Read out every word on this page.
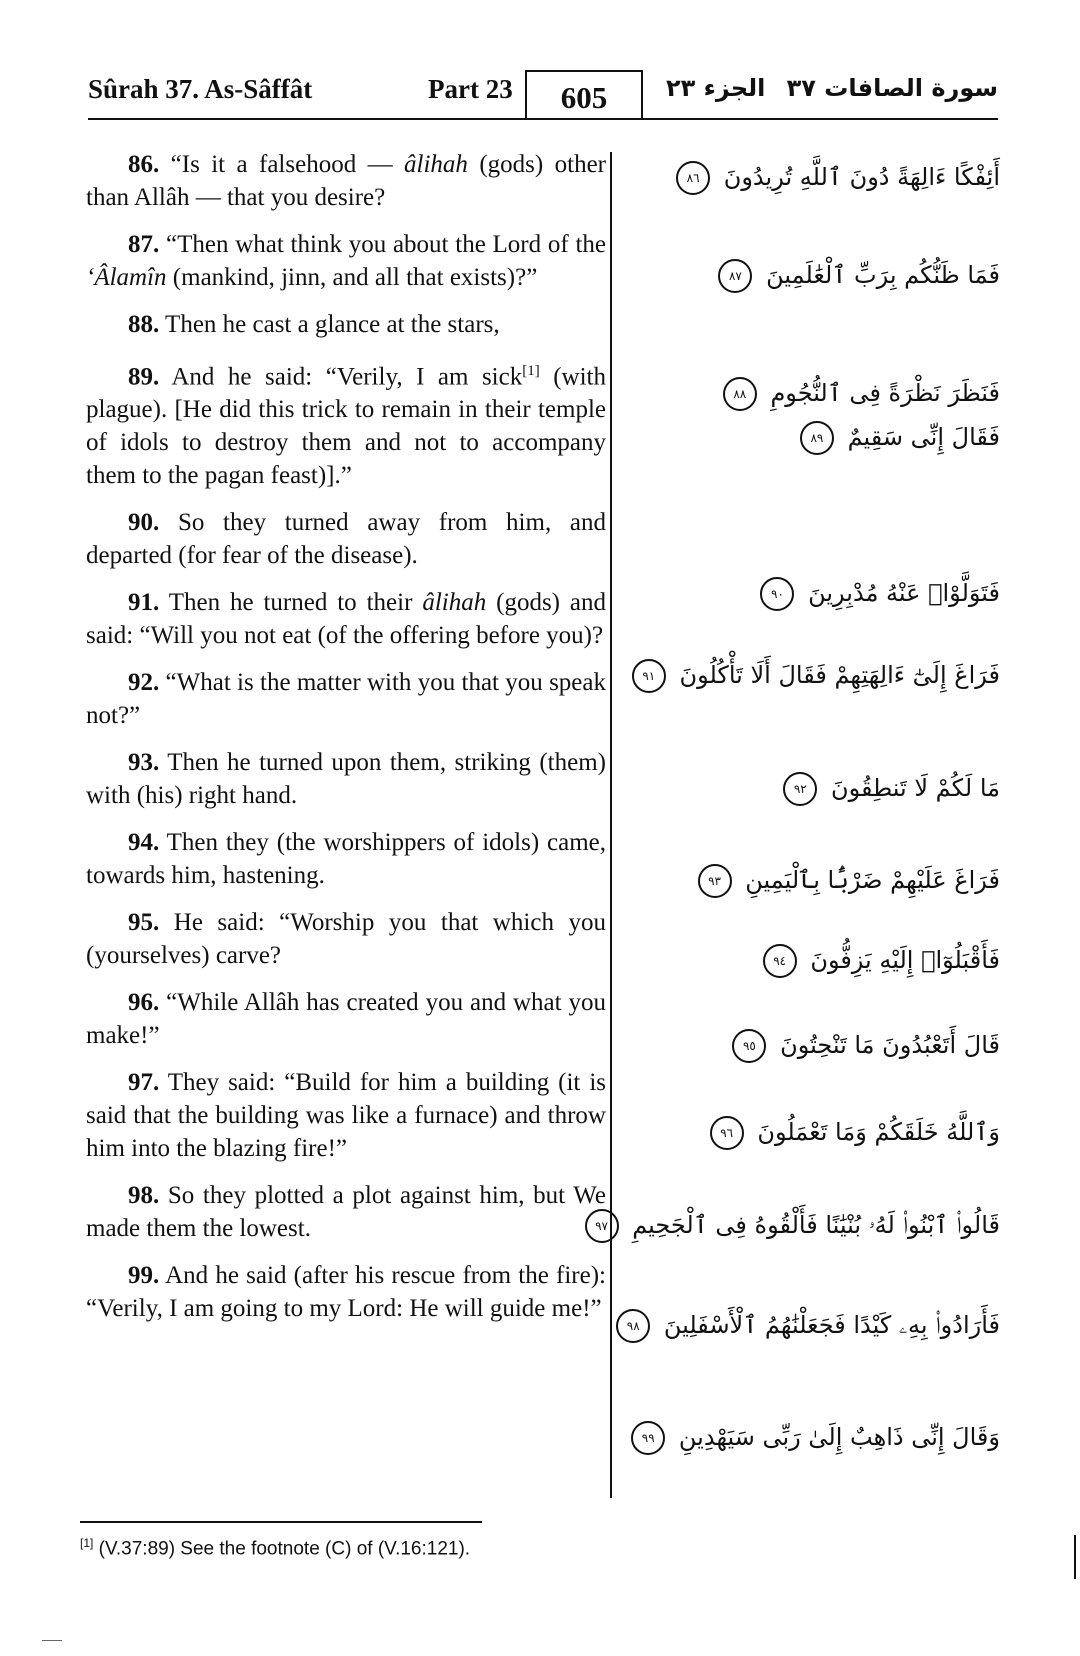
Sûrah 37. As-Sâffât	Part 23	605	الجزء ٢٣ سورة الصافات ٣٧
86. “Is it a falsehood — âlihah (gods) other than Allâh — that you desire?
87. “Then what think you about the Lord of the ‘Âlamîn (mankind, jinn, and all that exists)?”
88. Then he cast a glance at the stars,
89. And he said: “Verily, I am sick[1] (with plague). [He did this trick to remain in their temple of idols to destroy them and not to accompany them to the pagan feast)].”
90. So they turned away from him, and departed (for fear of the disease).
91. Then he turned to their âlihah (gods) and said: “Will you not eat (of the offering before you)?
92. “What is the matter with you that you speak not?”
93. Then he turned upon them, striking (them) with (his) right hand.
94. Then they (the worshippers of idols) came, towards him, hastening.
95. He said: “Worship you that which you (yourselves) carve?
96. “While Allâh has created you and what you make!”
97. They said: “Build for him a building (it is said that the building was like a furnace) and throw him into the blazing fire!”
98. So they plotted a plot against him, but We made them the lowest.
99. And he said (after his rescue from the fire): “Verily, I am going to my Lord: He will guide me!”
أَئِفْكًا ءَالِهَةً دُونَ ٱللَّهِ تُرِيدُونَ ٨٦
فَمَا ظَنُّكُم بِرَبِّ ٱلْعَٰلَمِينَ ٨٧
فَنَظَرَ نَظْرَةً فِى ٱلنُّجُومِ ٨٨
فَقَالَ إِنِّى سَقِيمٌ ٨٩
فَتَوَلَّوْا۟ عَنْهُ مُدْبِرِينَ ٩٠
فَرَاغَ إِلَىٰٓ ءَالِهَتِهِمْ فَقَالَ أَلَا تَأْكُلُونَ ٩١
مَا لَكُمْ لَا تَنطِقُونَ ٩٢
فَرَاغَ عَلَيْهِمْ ضَرْبًۢا بِٱلْيَمِينِ ٩٣
فَأَقْبَلُوٓا۟ إِلَيْهِ يَزِفُّونَ ٩٤
قَالَ أَتَعْبُدُونَ مَا تَنْحِتُونَ ٩٥
وَٱللَّهُ خَلَقَكُمْ وَمَا تَعْمَلُونَ ٩٦
قَالُوا۟ ٱبْنُوا۟ لَهُۥ بُنْيَٰنًا فَأَلْقُوهُ فِى ٱلْجَحِيمِ ٩٧
فَأَرَادُوا۟ بِهِۦ كَيْدًا فَجَعَلْنَٰهُمُ ٱلْأَسْفَلِينَ ٩٨
وَقَالَ إِنِّى ذَاهِبٌ إِلَىٰ رَبِّى سَيَهْدِينِ ٩٩
[1] (V.37:89) See the footnote (C) of (V.16:121).
